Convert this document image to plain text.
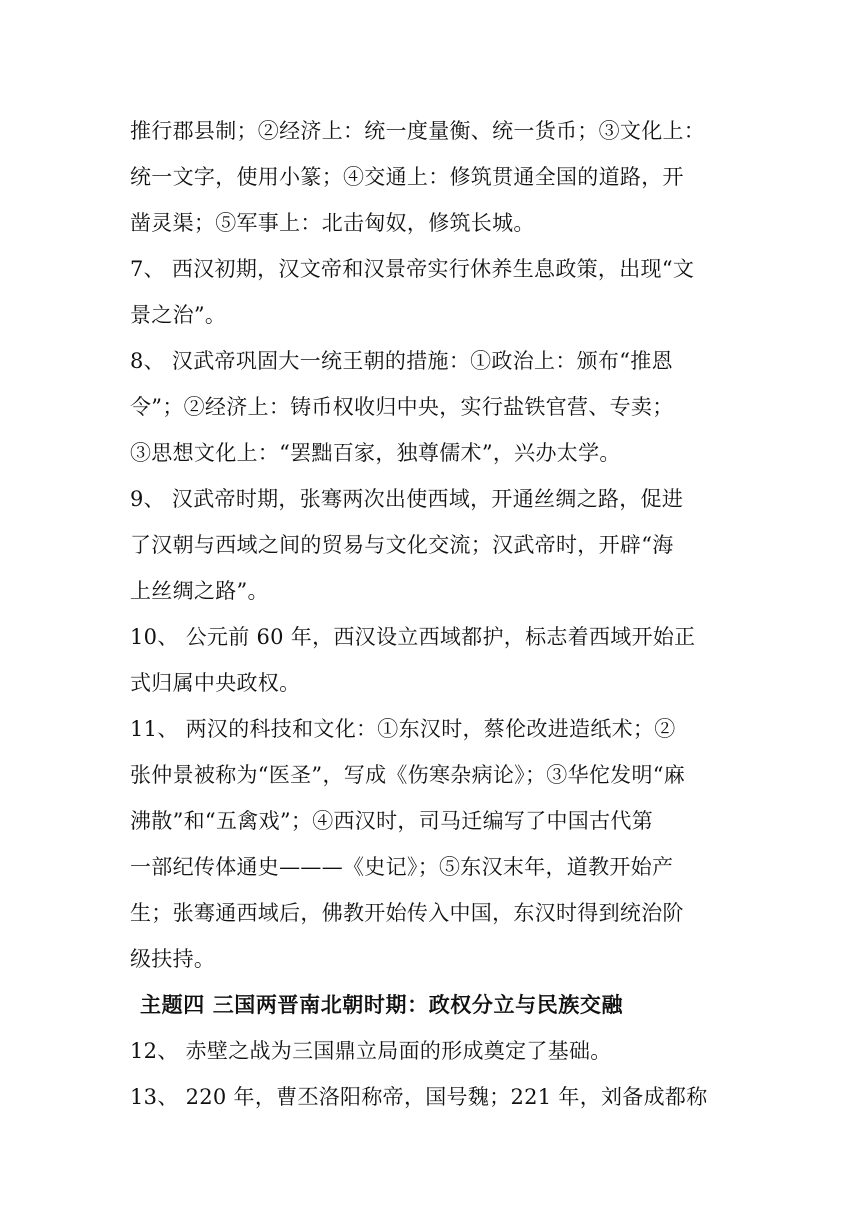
推行郡县制；②经济上：统一度量衡、统一货币；③文化上：
统一文字，使用小篆；④交通上：修筑贯通全国的道路，开
凿灵渠；⑤军事上：北击匈奴，修筑长城。
7、 西汉初期，汉文帝和汉景帝实行休养生息政策，出现“文
景之治”。
8、 汉武帝巩固大一统王朝的措施：①政治上：颁布“推恩
令”；②经济上：铸币权收归中央，实行盐铁官营、专卖；
③思想文化上：“罢黜百家，独尊儒术”，兴办太学。
9、 汉武帝时期，张骞两次出使西域，开通丝绸之路，促进
了汉朝与西域之间的贸易与文化交流；汉武帝时，开辟“海
上丝绸之路”。
10、 公元前 60 年，西汉设立西域都护，标志着西域开始正
式归属中央政权。
11、 两汉的科技和文化：①东汉时，蔡伦改进造纸术；②
张仲景被称为“医圣”，写成《伤寒杂病论》；③华佗发明“麻
沸散”和“五禽戏”；④西汉时，司马迁编写了中国古代第
一部纪传体通史———《史记》；⑤东汉末年，道教开始产
生；张骞通西域后，佛教开始传入中国，东汉时得到统治阶
级扶持。
主题四 三国两晋南北朝时期：政权分立与民族交融
12、 赤壁之战为三国鼎立局面的形成奠定了基础。
13、 220 年，曹丕洛阳称帝，国号魏；221 年，刘备成都称
